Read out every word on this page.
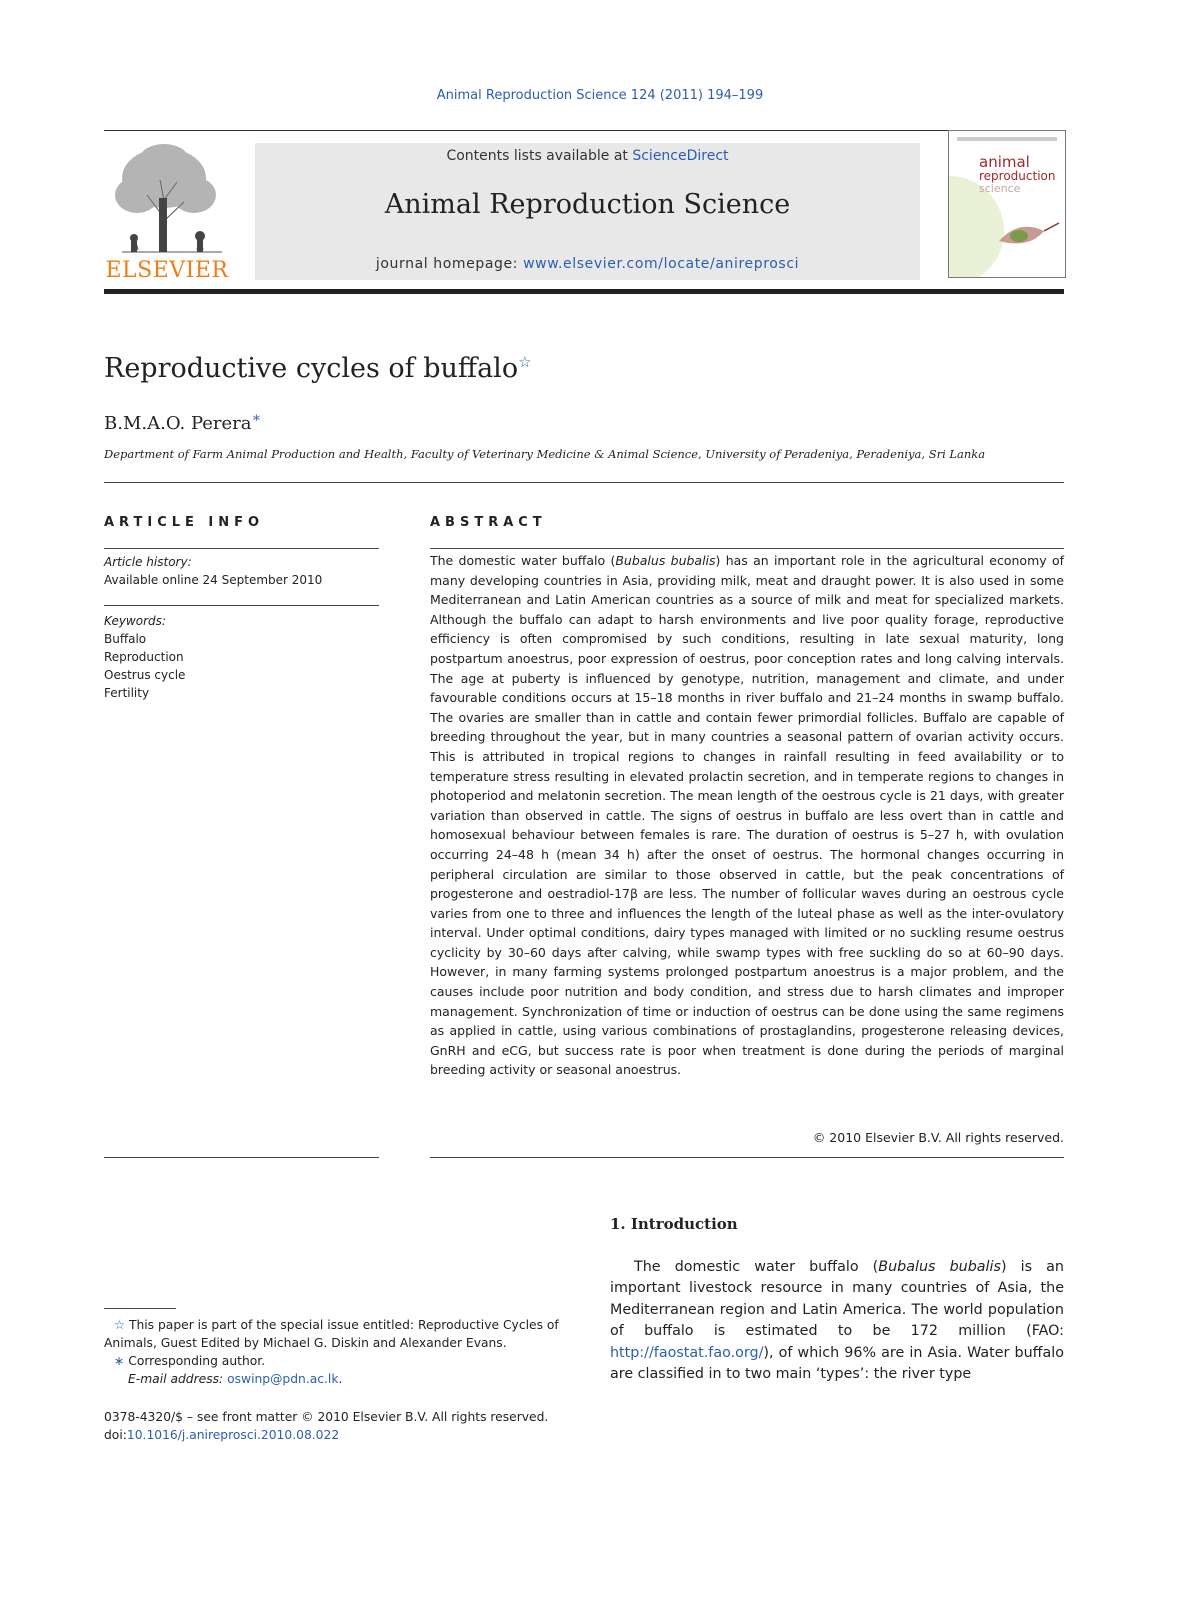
Animal Reproduction Science 124 (2011) 194–199
ELSEVIER
Contents lists available at ScienceDirect
Animal Reproduction Science
journal homepage: www.elsevier.com/locate/anireprosci
animal
reproduction
science
Reproductive cycles of buffalo☆
B.M.A.O. Perera∗
Department of Farm Animal Production and Health, Faculty of Veterinary Medicine & Animal Science, University of Peradeniya, Peradeniya, Sri Lanka
ARTICLE INFO
Article history:
Available online 24 September 2010
Keywords:
Buffalo
Reproduction
Oestrus cycle
Fertility
ABSTRACT
The domestic water buffalo (Bubalus bubalis) has an important role in the agricultural economy of many developing countries in Asia, providing milk, meat and draught power. It is also used in some Mediterranean and Latin American countries as a source of milk and meat for specialized markets. Although the buffalo can adapt to harsh environments and live poor quality forage, reproductive efficiency is often compromised by such conditions, resulting in late sexual maturity, long postpartum anoestrus, poor expression of oestrus, poor conception rates and long calving intervals. The age at puberty is influenced by genotype, nutrition, management and climate, and under favourable conditions occurs at 15–18 months in river buffalo and 21–24 months in swamp buffalo. The ovaries are smaller than in cattle and contain fewer primordial follicles. Buffalo are capable of breeding throughout the year, but in many countries a seasonal pattern of ovarian activity occurs. This is attributed in tropical regions to changes in rainfall resulting in feed availability or to temperature stress resulting in elevated prolactin secretion, and in temperate regions to changes in photoperiod and melatonin secretion. The mean length of the oestrous cycle is 21 days, with greater variation than observed in cattle. The signs of oestrus in buffalo are less overt than in cattle and homosexual behaviour between females is rare. The duration of oestrus is 5–27 h, with ovulation occurring 24–48 h (mean 34 h) after the onset of oestrus. The hormonal changes occurring in peripheral circulation are similar to those observed in cattle, but the peak concentrations of progesterone and oestradiol-17β are less. The number of follicular waves during an oestrous cycle varies from one to three and influences the length of the luteal phase as well as the inter-ovulatory interval. Under optimal conditions, dairy types managed with limited or no suckling resume oestrus cyclicity by 30–60 days after calving, while swamp types with free suckling do so at 60–90 days. However, in many farming systems prolonged postpartum anoestrus is a major problem, and the causes include poor nutrition and body condition, and stress due to harsh climates and improper management. Synchronization of time or induction of oestrus can be done using the same regimens as applied in cattle, using various combinations of prostaglandins, progesterone releasing devices, GnRH and eCG, but success rate is poor when treatment is done during the periods of marginal breeding activity or seasonal anoestrus.
© 2010 Elsevier B.V. All rights reserved.
1. Introduction
The domestic water buffalo (Bubalus bubalis) is an important livestock resource in many countries of Asia, the Mediterranean region and Latin America. The world population of buffalo is estimated to be 172 million (FAO: http://faostat.fao.org/), of which 96% are in Asia. Water buffalo are classified in to two main ‘types’: the river type
☆ This paper is part of the special issue entitled: Reproductive Cycles of Animals, Guest Edited by Michael G. Diskin and Alexander Evans.
∗ Corresponding author.
E-mail address: oswinp@pdn.ac.lk.
0378-4320/$ – see front matter © 2010 Elsevier B.V. All rights reserved.
doi:10.1016/j.anireprosci.2010.08.022
